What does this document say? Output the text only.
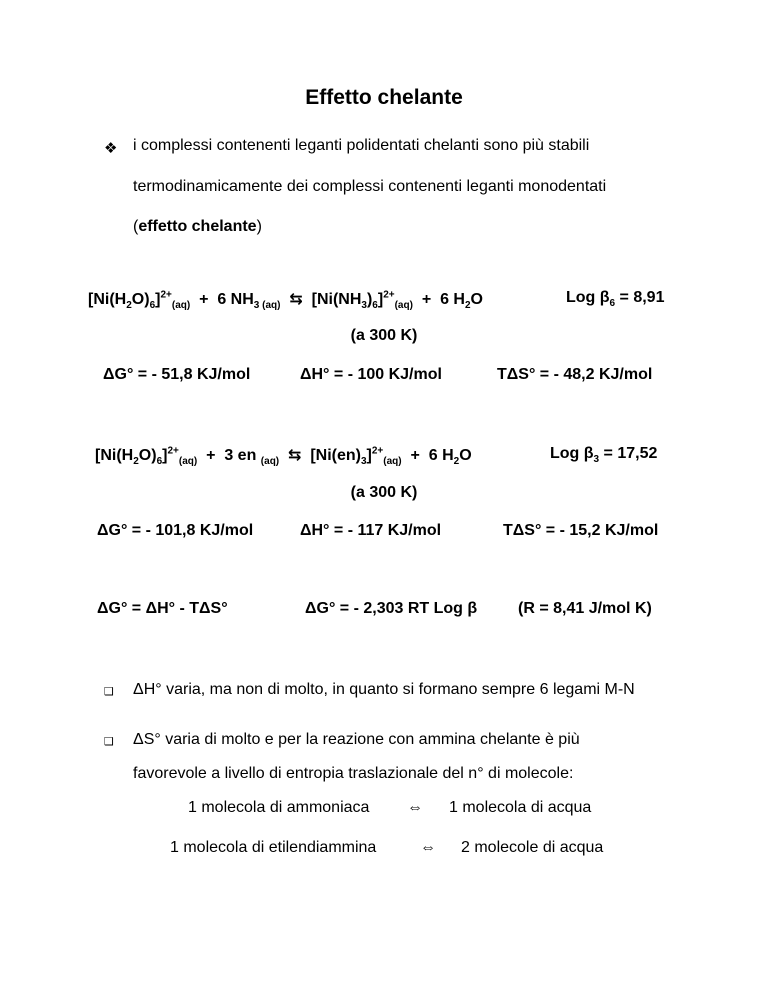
Effetto chelante
❖ i complessi contenenti leganti polidentati chelanti sono più stabili
termodinamicamente dei complessi contenenti leganti monodentati
(effetto chelante)
$[Ni(H_2O)_6]^{2+}_{(aq)} + 6$ $NH_{3 (aq)}$  ⇆  $[Ni(NH_3)_6]^{2+}_{(aq)} + 6$ $H_2O$	Log $\beta_6 = 8,91$
(a 300 K)
ΔG° = - 51,8 KJ/mol	ΔH° = - 100 KJ/mol	TΔS° = - 48,2 KJ/mol
$[Ni(H_2O)_6]^{2+}_{(aq)} + 3$ en $_{(aq)}$  ⇆  $[Ni(en)_3]^{2+}_{(aq)} + 6$ $H_2O$	Log $\beta_3 = 17,52$
(a 300 K)
ΔG° = - 101,8 KJ/mol	ΔH° = - 117 KJ/mol	TΔS° = - 15,2 KJ/mol
ΔG° = ΔH° - TΔS°	ΔG° = - 2,303 RT Log β	(R = 8,41 J/mol K)
❑ ΔH° varia, ma non di molto, in quanto si formano sempre 6 legami M-N
❑ ΔS° varia di molto e per la reazione con ammina chelante è più
favorevole a livello di entropia traslazionale del n° di molecole:
1 molecola di ammoniaca ⇔ 1 molecola di acqua
1 molecola di etilendiammina	⇔ 2 molecole di acqua
